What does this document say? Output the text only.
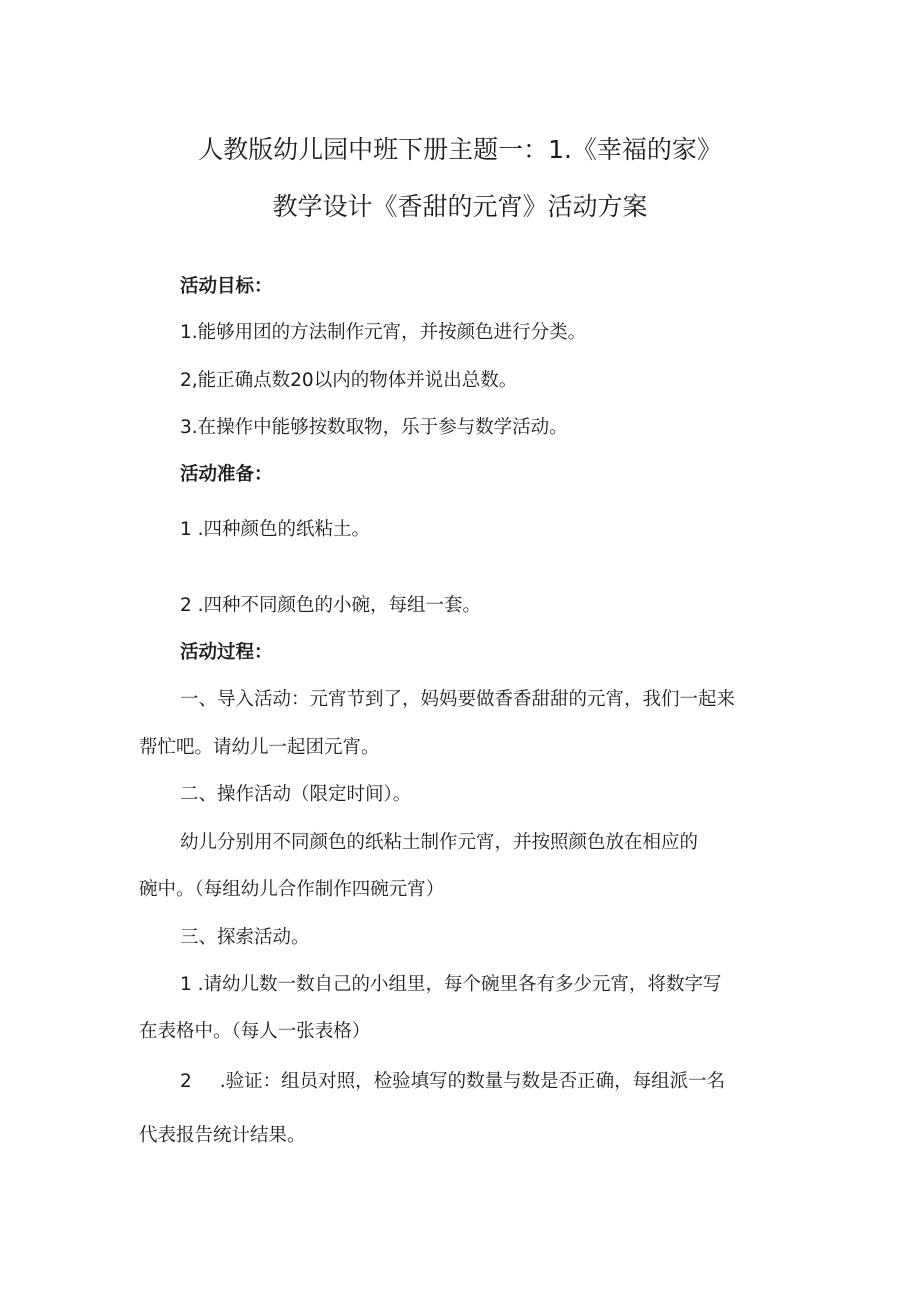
人教版幼儿园中班下册主题一：1.《幸福的家》
教学设计《香甜的元宵》活动方案

活动目标：

1.能够用团的方法制作元宵，并按颜色进行分类。

2,能正确点数20以内的物体并说出总数。

3.在操作中能够按数取物，乐于参与数学活动。

活动准备：

1 .四种颜色的纸粘土。

2 .四种不同颜色的小碗，每组一套。

活动过程：

一、导入活动：元宵节到了，妈妈要做香香甜甜的元宵，我们一起来

帮忙吧。请幼儿一起团元宵。

二、操作活动（限定时间）。

幼儿分别用不同颜色的纸粘土制作元宵，并按照颜色放在相应的

碗中。（每组幼儿合作制作四碗元宵）

三、探索活动。

1 .请幼儿数一数自己的小组里，每个碗里各有多少元宵，将数字写

在表格中。（每人一张表格）

2 .验证：组员对照，检验填写的数量与数是否正确，每组派一名

代表报告统计结果。
